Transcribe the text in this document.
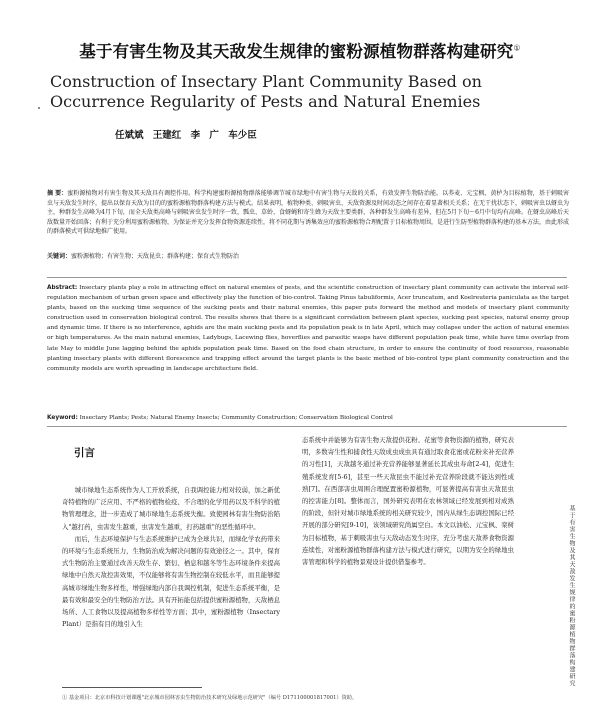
基于有害生物及其天敌发生规律的蜜粉源植物群落构建研究①
Construction of Insectary Plant Community Based on Occurrence Regularity of Pests and Natural Enemies
任斌斌 王建红 李 广 车少臣
摘 要：蜜粉源植物对有害生物及其天敌具有调控作用。科学构建蜜粉源植物群落能够调节城市绿地中有害生物与天敌的关系，有效发挥生物防治能。以荞麦、元宝枫、黄栌为目标植物，基于刺吸害虫与天敌发生时序，提出以保育天敌为目的的蜜粉源植物群落构建方法与模式。结果表明，植物种类、刺吸害虫、天敌资源及时间动态之间存在着显著相关关系；在无干扰状态下，刺吸害虫以蚜虫为主，种群发生高峰为4月下旬，而全天敌类高峰与刺吸害虫发生时序一致，瓢虫、草蛉、食蚜蝇和寄生蜂为天敌主要类群，各种群发生高峰有差异，但在5月下旬～6月中旬均有高峰。在蚜虫高峰后天敌数量开始回落；有利于充分利用蜜粉源植物，为保证并充分发挥食物资源连续性，将不同花期与诱集效应的蜜粉源植物合理配置于目标植物周围，是进行生防型植物群落构建的基本方法，由此形成的群落模式可供绿地推广使用。
关键词：蜜粉源植物；有害生物；天敌昆虫；群落构建；保育式生物防治
Abstract: Insectary plants play a role in attracting effect on natural enemies of pests, and the scientific construction of insectary plant community can activate the interval self-regulation mechanism of urban green space and effectively play the function of bio-control. Taking Pinus tabuliformis, Acer truncatum, and Koelreuteria paniculata as the target plants, based on the sucking time sequence of the sucking pests and their natural enemies, this paper puts forward the method and models of insectary plant community construction used in conservation biological control. The results shows that there is a significant correlation between plant species, sucking pest species, natural enemy group and dynamic time. If there is no interference, aphids are the main sucking pests and its population peak is in late April, which may collapse under the action of natural enemies or high temperatures. As the main natural enemies, Ladybugs, Lacewing flies, hoverflies and parasitic wasps have different population peak time, while have time overlap from late May to middle June lagging behind the aphids population peak time. Based on the food chain structure, in order to ensure the continuity of food resources, reasonable planting insectary plants with different florescence and trapping effect around the target plants is the basic method of bio-control type plant community construction and the community models are worth spreading in landscape architecture field.
Keyword: Insectary Plants; Pests; Natural Enemy Insects; Community Construction; Conservation Biological Control
引言

城市绿地生态系统作为人工开放系统，自我调控能力相对较弱，加之新优奇特植物的广泛应用、不严格的植物检疫、不合理的化学用药以及不科学的植物管理理念，进一步造成了城市绿地生态系统失衡。致使园林有害生物防治陷入"越打药，虫害发生越重，虫害发生越重，打药越重"的恶性循环中。

而后，生态环境保护与生态系统维护已成为全球共识，而绿化学农药带来的环境与生态系统压力，生物防治成为解决问题的有效途径之一。其中，保育式生物防治主要通过改善天敌生存、繁衍、栖息和越冬等生态环境条件来提高绿地中自然天敌控害效果，不仅能够将有害生物控制在较低水平，而且能够提高城市绿地生物多样性，增强绿地内部自我调控机制，促进生态系统平衡，是最有效和最安全的生物防治方法。具有开拓能包括提供蜜粉源植物，天敌栖息场所、人工食物以及提高植物多样性等方面；其中，蜜粉源植物（Insectary Plant）是指有目的地引入生

态系统中并能够为有害生物天敌提供花粉、花蜜等食物资源的植物，研究表明，多数寄生性和捕食性天敌成虫成虫具有通过取食花蜜或花粉来补充营养的习性[1]，天敌越冬通过补充营养能够显著延长其成虫寿命[2-4]，促进生殖系统发育[5-6]，甚至一些天敌昆虫不能过补充营养阶段就不能达到性成熟[7]。在西部害虫周围合理配置蜜粉源植物，可显著提高有害虫天敌昆虫的控害能力[8]。整体而言，国外研究表明在农林领域已经发展到相对成熟的阶段，但针对城市绿地系统的相关研究较少，国内从绿生态调控国际已经开展的部分研究[9-10]，该领域研究尚属空白。本文以油松、元宝枫、栾树为目标植物，基于刺吸害虫与天敌动态发生时序，充分考虑天敌养食物资源连续性，对蜜粉源植物群落构建方法与模式进行研究，以期为安全的绿地虫害管理和科学的植物景观设计提供借鉴参考。	基于有害生物及其天敌发生规律的蜜粉源植物群落构建研究
① 基金项目：北京市科技计划课题"北京城市园林害虫生物防治技术研究及绿地示范研究"（编号 D171100001817001）资助。
